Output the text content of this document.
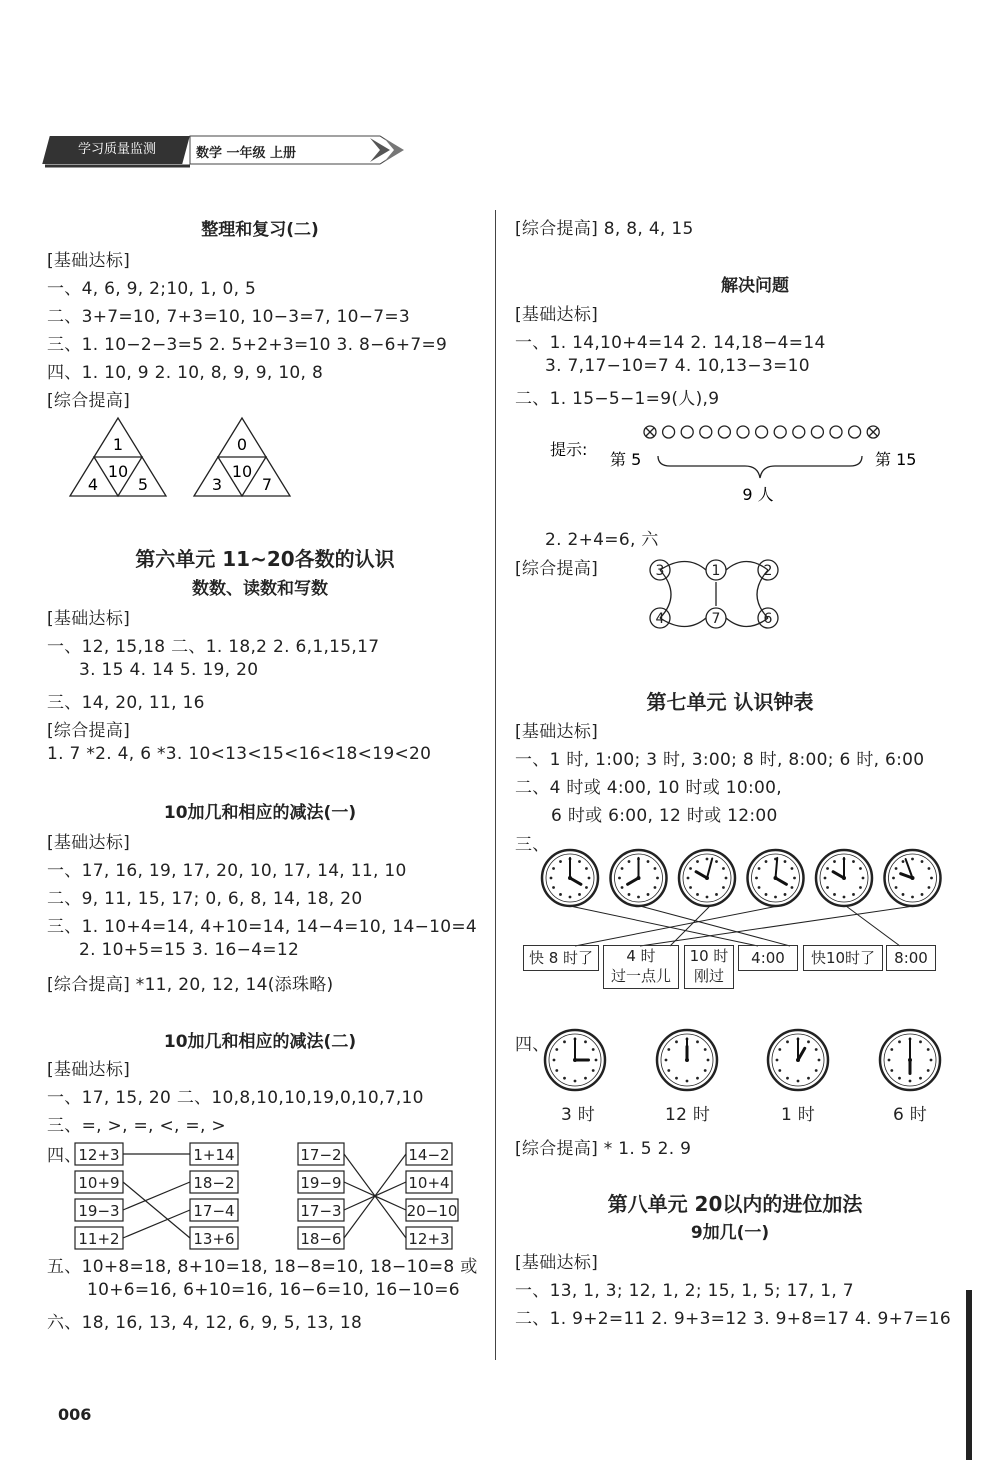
学习质量监测	数学 一年级 上册
整理和复习(二)
[基础达标]
一、4, 6, 9, 2;10, 1, 0, 5
二、3+7=10, 7+3=10, 10−3=7, 10−7=3
三、1. 10−2−3=5 2. 5+2+3=10 3. 8−6+7=9
四、1. 10, 9 2. 10, 8, 9, 9, 10, 8
[综合提高]
1
10
4 5
0
10
3 7
第六单元 11~20各数的认识
数数、读数和写数
[基础达标]
一、12, 15,18 二、1. 18,2 2. 6,1,15,17
3. 15 4. 14 5. 19, 20
三、14, 20, 11, 16
[综合提高]
1. 7 *2. 4, 6 *3. 10<13<15<16<18<19<20
10加几和相应的减法(一)
[基础达标]
一、17, 16, 19, 17, 20, 10, 17, 14, 11, 10
二、9, 11, 15, 17; 0, 6, 8, 14, 18, 20
三、1. 10+4=14, 4+10=14, 14−4=10, 14−10=4
2. 10+5=15 3. 16−4=12
[综合提高] *11, 20, 12, 14(添珠略)
10加几和相应的减法(二)
[基础达标]
一、17, 15, 20 二、10,8,10,10,19,0,10,7,10
三、=, >, =, <, =, >
四、
12+3
10+9
19−3
11+2
1+14
18−2
17−4
13+6
17−2
19−9
17−3
18−6
14−2
10+4
20−10
12+3
五、10+8=18, 8+10=18, 18−8=10, 18−10=8 或
10+6=16, 6+10=16, 16−6=10, 16−10=6
六、18, 16, 13, 4, 12, 6, 9, 5, 13, 18
006
[综合提高] 8, 8, 4, 15
解决问题
[基础达标]
一、1. 14,10+4=14 2. 14,18−4=14
3. 7,17−10=7 4. 10,13−3=10
二、1. 15−5−1=9(人),9
提示:
第 5	第 15
9 人
2. 2+4=6, 六
[综合提高]	3	1	2
4	7	6
第七单元 认识钟表
[基础达标]
一、1 时, 1:00; 3 时, 3:00; 8 时, 8:00; 6 时, 6:00
二、4 时或 4:00, 10 时或 10:00,
6 时或 6:00, 12 时或 12:00
三、
快 8 时了	4 时
过一点儿
10 时
刚过
4:00	快10时了	8:00
四、
3 时	12 时	1 时	6 时
[综合提高] * 1. 5 2. 9
第八单元 20以内的进位加法
9加几(一)
[基础达标]
一、13, 1, 3; 12, 1, 2; 15, 1, 5; 17, 1, 7
二、1. 9+2=11 2. 9+3=12 3. 9+8=17 4. 9+7=16
